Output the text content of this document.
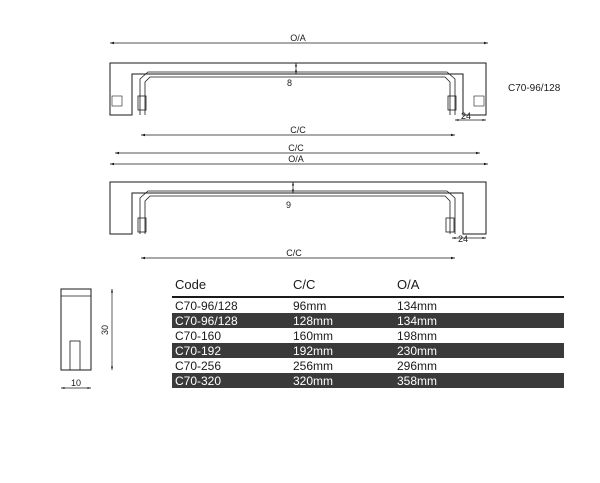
O/A
8
24
C/C
C/C
O/A
9
24
C/C
30
10
C70-96/128
Code	C/C	O/A
C70-96/128	96mm	134mm
C70-96/128	128mm	134mm
C70-160	160mm	198mm
C70-192	192mm	230mm
C70-256	256mm	296mm
C70-320	320mm	358mm
